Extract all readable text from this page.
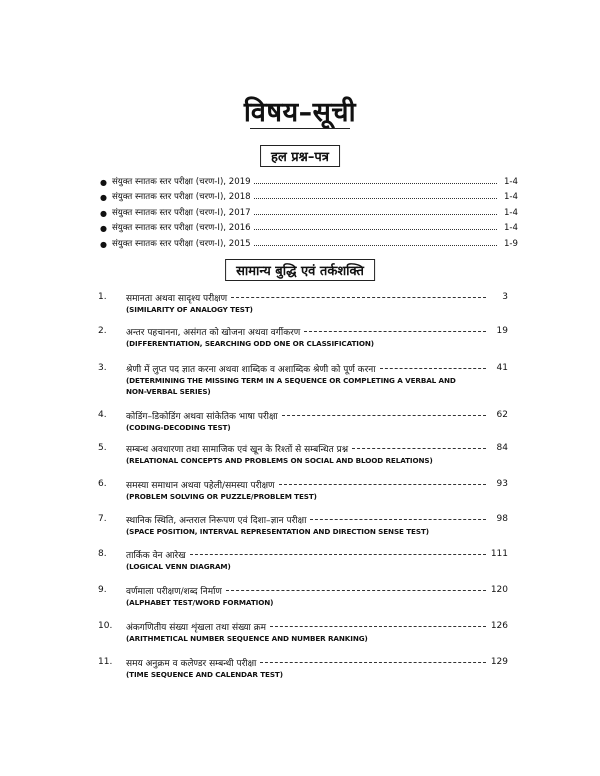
विषय–सूची
हल प्रश्न–पत्र
● संयुक्त स्नातक स्तर परीक्षा (चरण-I), 2019	1-4
● संयुक्त स्नातक स्तर परीक्षा (चरण-I), 2018	1-4
● संयुक्त स्नातक स्तर परीक्षा (चरण-I), 2017	1-4
● संयुक्त स्नातक स्तर परीक्षा (चरण-I), 2016	1-4
● संयुक्त स्नातक स्तर परीक्षा (चरण-I), 2015	1-9
सामान्य बुद्धि एवं तर्कशक्ति
1.	समानता अथवा सादृश्य परीक्षण	3
(SIMILARITY OF ANALOGY TEST)
2.	अन्तर पहचानना, असंगत को खोजना अथवा वर्गीकरण	19
(DIFFERENTIATION, SEARCHING ODD ONE OR CLASSIFICATION)
3.	श्रेणी में लुप्त पद ज्ञात करना अथवा शाब्दिक व अशाब्दिक श्रेणी को पूर्ण करना	41
(DETERMINING THE MISSING TERM IN A SEQUENCE OR COMPLETING A VERBAL AND NON-VERBAL SERIES)
4.	कोडिंग–डिकोडिंग अथवा सांकेतिक भाषा परीक्षा	62
(CODING-DECODING TEST)
5.	सम्बन्ध अवधारणा तथा सामाजिक एवं खून के रिश्तों से सम्बन्धित प्रश्न	84
(RELATIONAL CONCEPTS AND PROBLEMS ON SOCIAL AND BLOOD RELATIONS)
6.	समस्या समाधान अथवा पहेली/समस्या परीक्षण	93
(PROBLEM SOLVING OR PUZZLE/PROBLEM TEST)
7.	स्थानिक स्थिति, अन्तराल निरूपण एवं दिशा–ज्ञान परीक्षा	98
(SPACE POSITION, INTERVAL REPRESENTATION AND DIRECTION SENSE TEST)
8.	तार्किक वेन आरेख	111
(LOGICAL VENN DIAGRAM)
9.	वर्णमाला परीक्षण/शब्द निर्माण	120
(ALPHABET TEST/WORD FORMATION)
10.	अंकगणितीय संख्या शृंखला तथा संख्या क्रम	126
(ARITHMETICAL NUMBER SEQUENCE AND NUMBER RANKING)
11.	समय अनुक्रम व कलेण्डर सम्बन्धी परीक्षा	129
(TIME SEQUENCE AND CALENDAR TEST)
